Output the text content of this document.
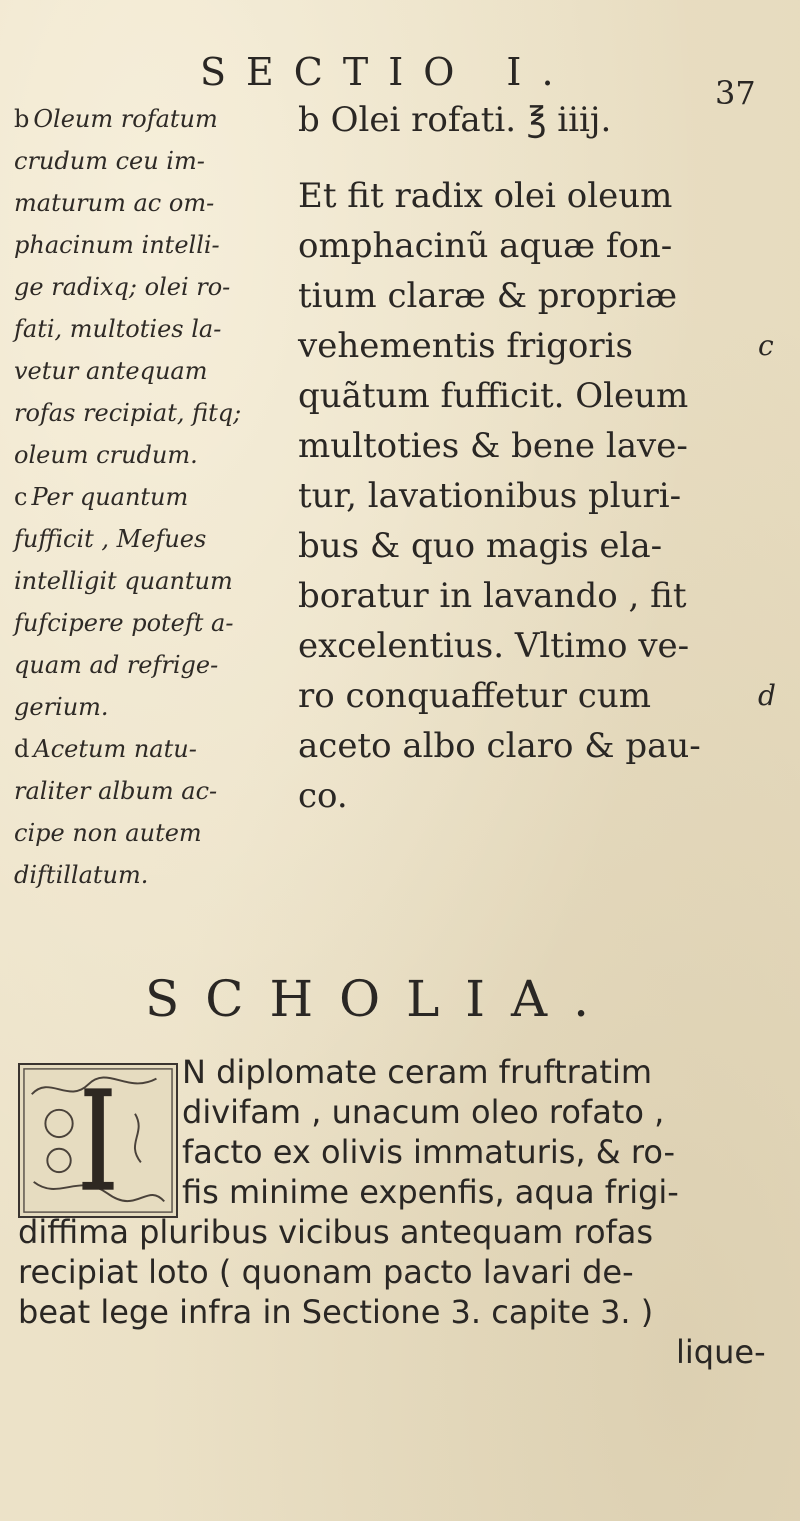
SECTIO I.	37
b Oleum rofatum
crudum ceu im-
maturum ac om-
phacinum intelli-
ge radixq; olei ro-
fati, multoties la-
vetur antequam
rofas recipiat, fitq;
oleum crudum.
c Per quantum
fufficit , Mefues
intelligit quantum
fufcipere poteft a-
quam ad refrige-
gerium.
d Acetum natu-
raliter album ac-
cipe non autem
diftillatum.
b Olei rofati. ℥ iiij.
Et fit radix olei oleum
omphacinũ aquæ fon-
tium claræ & propriæ
vehementis frigoris	c
quãtum fufficit. Oleum
multoties & bene lave-
tur, lavationibus pluri-
bus & quo magis ela-
boratur in lavando , fit
excelentius. Vltimo ve-
ro conquaffetur cum	d
aceto albo claro & pau-
co.
SCHOLIA.
N diplomate ceram fruftratim
divifam , unacum oleo rofato ,
facto ex olivis immaturis, & ro-
fis minime expenfis, aqua frigi-
diffima pluribus vicibus antequam rofas
recipiat loto ( quonam pacto lavari de-
beat lege infra in Sectione 3. capite 3. )
lique-
